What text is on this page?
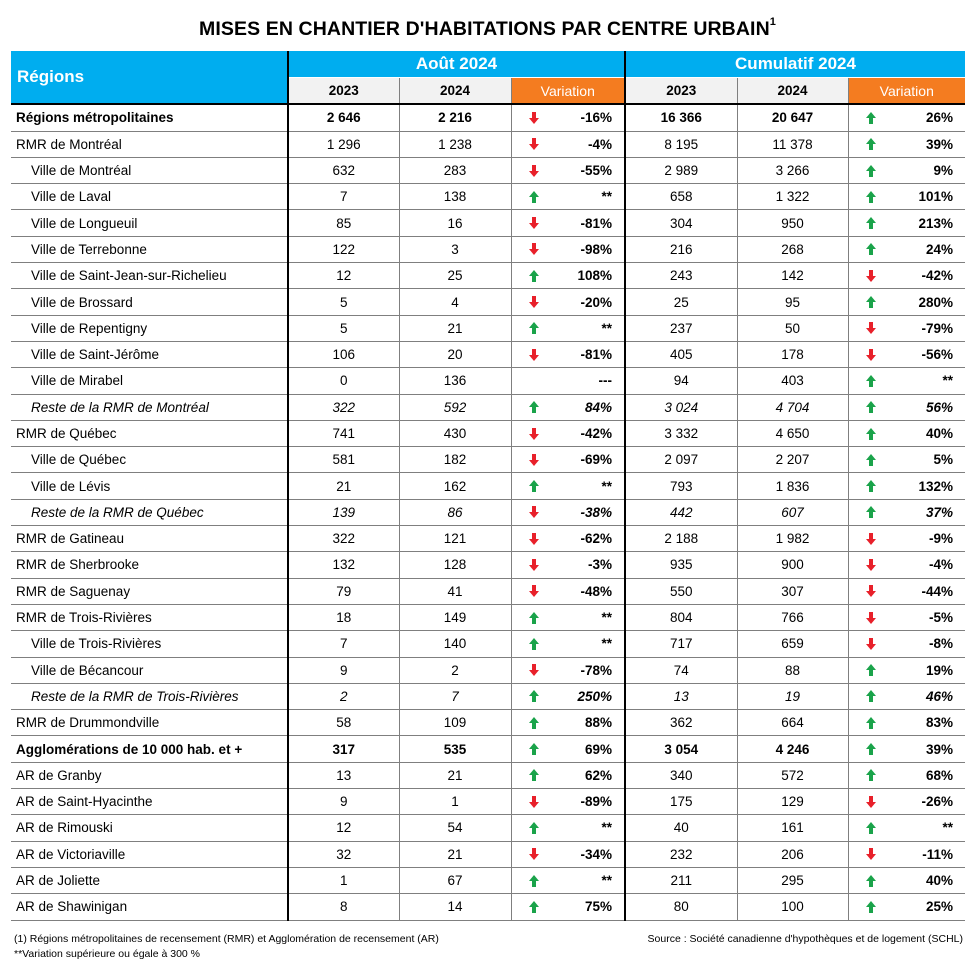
MISES EN CHANTIER D'HABITATIONS PAR CENTRE URBAIN$^1$
Régions	Août 2024			Cumulatif 2024		
	2023	2024	Variation	2023	2024	Variation
Régions métropolitaines	2 646	2 216	-16%	16 366	20 647	26%

RMR de Montréal	1 296	1 238	-4%	8 195	11 378	39%

Ville de Montréal	632	283	-55%	2 989	3 266	9%

Ville de Laval	7	138	**	658	1 322	101%

Ville de Longueuil	85	16	-81%	304	950	213%

Ville de Terrebonne	122	3	-98%	216	268	24%

Ville de Saint-Jean-sur-Richelieu	12	25	108%	243	142	-42%

Ville de Brossard	5	4	-20%	25	95	280%

Ville de Repentigny	5	21	**	237	50	-79%

Ville de Saint-Jérôme	106	20	-81%	405	178	-56%

Ville de Mirabel	0	136	---	94	403	**

Reste de la RMR de Montréal	322	592	84%	3 024	4 704	56%

RMR de Québec	741	430	-42%	3 332	4 650	40%

Ville de Québec	581	182	-69%	2 097	2 207	5%

Ville de Lévis	21	162	**	793	1 836	132%

Reste de la RMR de Québec	139	86	-38%	442	607	37%

RMR de Gatineau	322	121	-62%	2 188	1 982	-9%

RMR de Sherbrooke	132	128	-3%	935	900	-4%

RMR de Saguenay	79	41	-48%	550	307	-44%

RMR de Trois-Rivières	18	149	**	804	766	-5%

Ville de Trois-Rivières	7	140	**	717	659	-8%

Ville de Bécancour	9	2	-78%	74	88	19%

Reste de la RMR de Trois-Rivières	2	7	250%	13	19	46%

RMR de Drummondville	58	109	88%	362	664	83%

Agglomérations de 10 000 hab. et +	317	535	69%	3 054	4 246	39%

AR de Granby	13	21	62%	340	572	68%

AR de Saint-Hyacinthe	9	1	-89%	175	129	-26%

AR de Rimouski	12	54	**	40	161	**

AR de Victoriaville	32	21	-34%	232	206	-11%

AR de Joliette	1	67	**	211	295	40%

AR de Shawinigan	8	14	75%	80	100	25%
(1) Régions métropolitaines de recensement (RMR) et Agglomération de recensement (AR)
**Variation supérieure ou égale à 300 %
Source : Société canadienne d'hypothèques et de logement (SCHL)
